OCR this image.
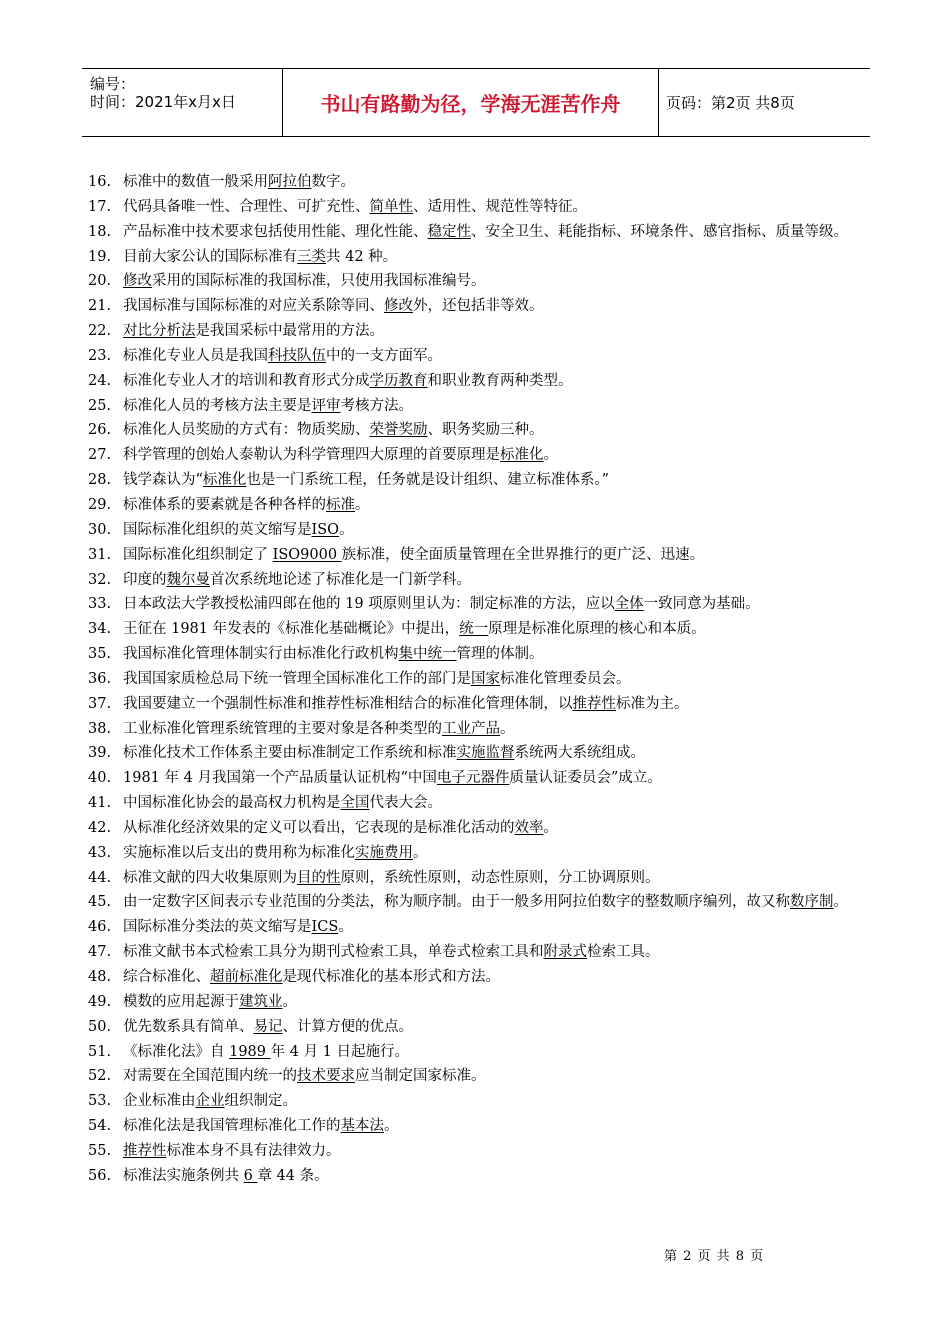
编号：
时间：2021年x月x日	书山有路勤为径，学海无涯苦作舟	页码：第2页 共8页
16. 标准中的数值一般采用阿拉伯数字。
17. 代码具备唯一性、合理性、可扩充性、简单性、适用性、规范性等特征。
18. 产品标准中技术要求包括使用性能、理化性能、稳定性、安全卫生、耗能指标、环境条件、感官指标、质量等级。
19. 目前大家公认的国际标准有三类共 42 种。
20. 修改采用的国际标准的我国标准，只使用我国标准编号。
21. 我国标准与国际标准的对应关系除等同、修改外，还包括非等效。
22. 对比分析法是我国采标中最常用的方法。
23. 标准化专业人员是我国科技队伍中的一支方面军。
24. 标准化专业人才的培训和教育形式分成学历教育和职业教育两种类型。
25. 标准化人员的考核方法主要是评审考核方法。
26. 标准化人员奖励的方式有：物质奖励、荣誉奖励、职务奖励三种。
27. 科学管理的创始人泰勒认为科学管理四大原理的首要原理是标准化。
28. 钱学森认为“标准化也是一门系统工程，任务就是设计组织、建立标准体系。”
29. 标准体系的要素就是各种各样的标准。
30. 国际标准化组织的英文缩写是ISO。
31. 国际标准化组织制定了 ISO9000 族标准，使全面质量管理在全世界推行的更广泛、迅速。
32. 印度的魏尔曼首次系统地论述了标准化是一门新学科。
33. 日本政法大学教授松浦四郎在他的 19 项原则里认为：制定标准的方法，应以全体一致同意为基础。
34. 王征在 1981 年发表的《标准化基础概论》中提出，统一原理是标准化原理的核心和本质。
35. 我国标准化管理体制实行由标准化行政机构集中统一管理的体制。
36. 我国国家质检总局下统一管理全国标准化工作的部门是国家标准化管理委员会。
37. 我国要建立一个强制性标准和推荐性标准相结合的标准化管理体制，以推荐性标准为主。
38. 工业标准化管理系统管理的主要对象是各种类型的工业产品。
39. 标准化技术工作体系主要由标准制定工作系统和标准实施监督系统两大系统组成。
40. 1981 年 4 月我国第一个产品质量认证机构“中国电子元器件质量认证委员会”成立。
41. 中国标准化协会的最高权力机构是全国代表大会。
42. 从标准化经济效果的定义可以看出，它表现的是标准化活动的效率。
43. 实施标准以后支出的费用称为标准化实施费用。
44. 标准文献的四大收集原则为目的性原则，系统性原则，动态性原则，分工协调原则。
45. 由一定数字区间表示专业范围的分类法，称为顺序制。由于一般多用阿拉伯数字的整数顺序编列，故又称数序制。
46. 国际标准分类法的英文缩写是ICS。
47. 标准文献书本式检索工具分为期刊式检索工具，单卷式检索工具和附录式检索工具。
48. 综合标准化、超前标准化是现代标准化的基本形式和方法。
49. 模数的应用起源于建筑业。
50. 优先数系具有简单、易记、计算方便的优点。
51. 《标准化法》自 1989 年 4 月 1 日起施行。
52. 对需要在全国范围内统一的技术要求应当制定国家标准。
53. 企业标准由企业组织制定。
54. 标准化法是我国管理标准化工作的基本法。
55. 推荐性标准本身不具有法律效力。
56. 标准法实施条例共 6 章 44 条。
第 2 页 共 8 页
